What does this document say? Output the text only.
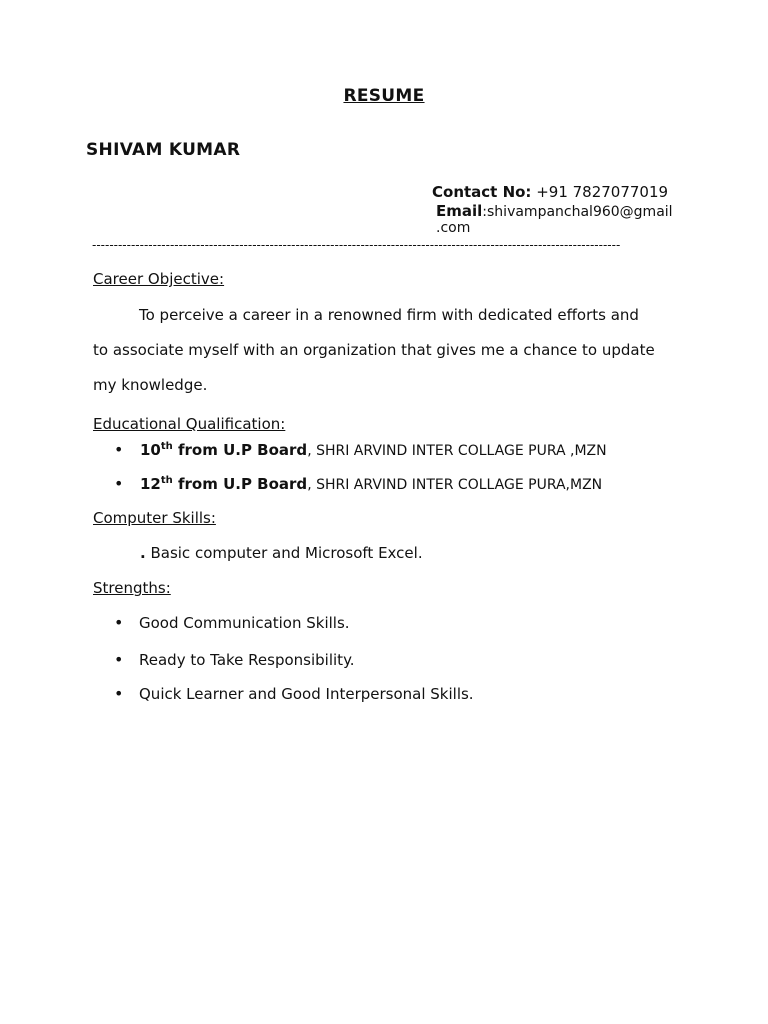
RESUME
SHIVAM KUMAR
Contact No: +91 7827077019
Email:shivampanchal960@gmail
.com
--------------------------------------------------------------------------------------------------------------------------
Career Objective:
To perceive a career in a renowned firm with dedicated efforts and
to associate myself with an organization that gives me a chance to update
my knowledge.
Educational Qualification:
• 10th from U.P Board, SHRI ARVIND INTER COLLAGE PURA ,MZN
• 12th from U.P Board, SHRI ARVIND INTER COLLAGE PURA,MZN
Computer Skills:
. Basic computer and Microsoft Excel.
Strengths:
• Good Communication Skills.
• Ready to Take Responsibility.
• Quick Learner and Good Interpersonal Skills.
